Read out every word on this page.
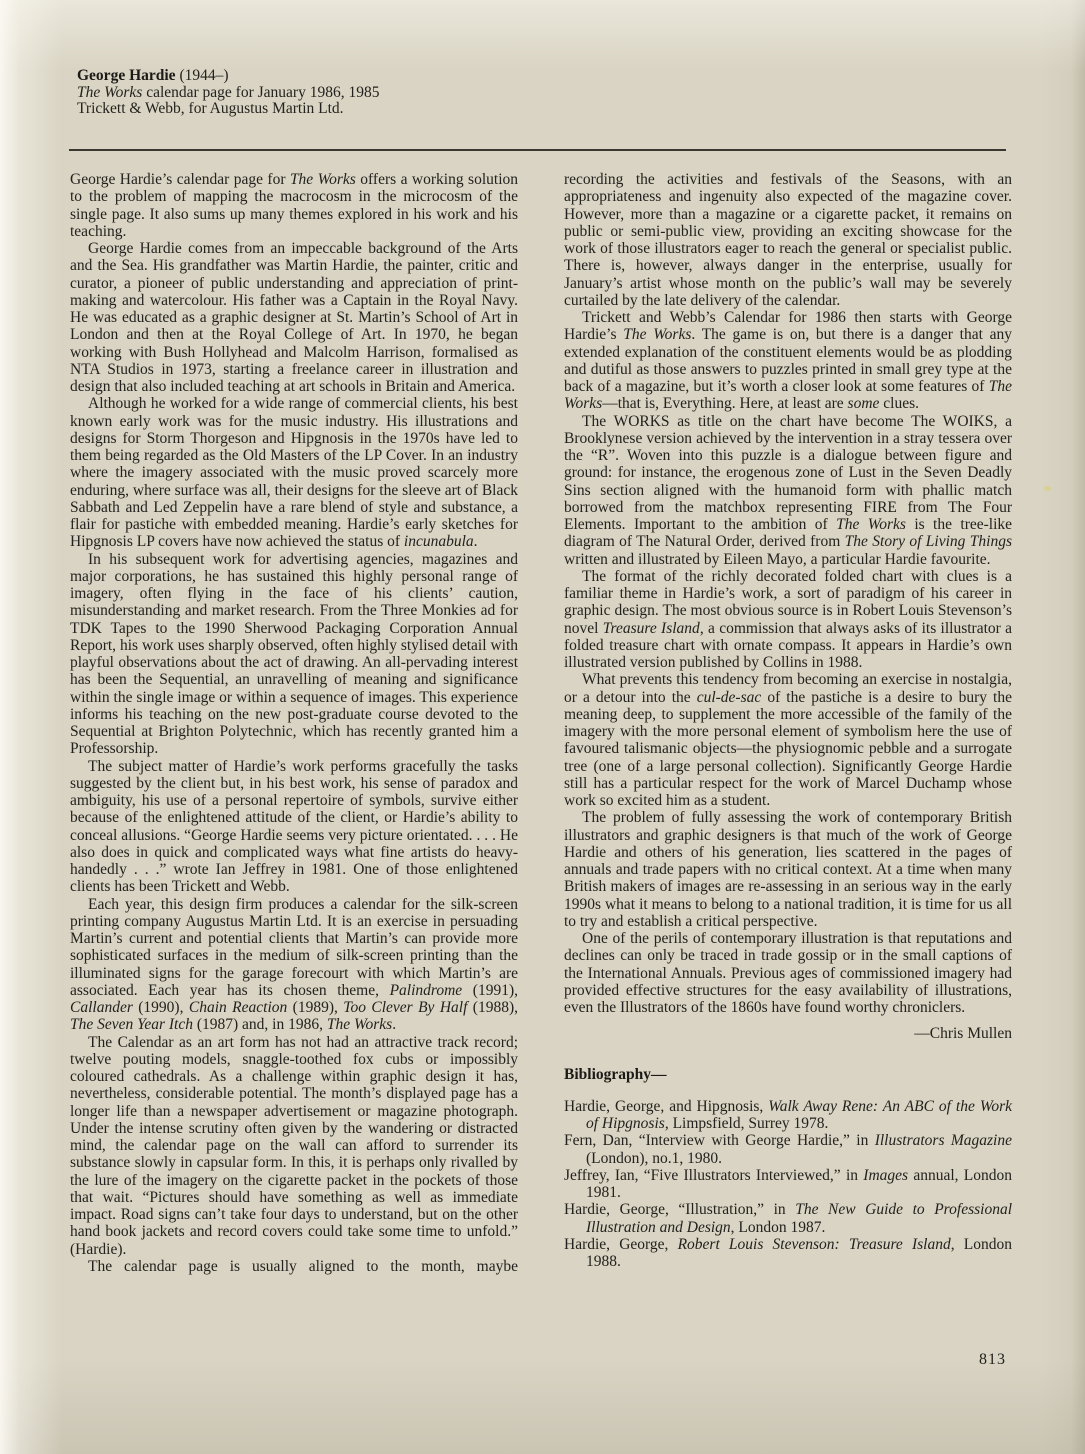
George Hardie (1944–)
The Works calendar page for January 1986, 1985
Trickett & Webb, for Augustus Martin Ltd.

George Hardie’s calendar page for The Works offers a working solution to the problem of mapping the macrocosm in the microcosm of the single page. It also sums up many themes explored in his work and his teaching.

George Hardie comes from an impeccable background of the Arts and the Sea. His grandfather was Martin Hardie, the painter, critic and curator, a pioneer of public understanding and appreciation of print-making and watercolour. His father was a Captain in the Royal Navy. He was educated as a graphic designer at St. Martin’s School of Art in London and then at the Royal College of Art. In 1970, he began working with Bush Hollyhead and Malcolm Harrison, formalised as NTA Studios in 1973, starting a freelance career in illustration and design that also included teaching at art schools in Britain and America.

Although he worked for a wide range of commercial clients, his best known early work was for the music industry. His illustrations and designs for Storm Thorgeson and Hipgnosis in the 1970s have led to them being regarded as the Old Masters of the LP Cover. In an industry where the imagery associated with the music proved scarcely more enduring, where surface was all, their designs for the sleeve art of Black Sabbath and Led Zeppelin have a rare blend of style and substance, a flair for pastiche with embedded meaning. Hardie’s early sketches for Hipgnosis LP covers have now achieved the status of incunabula.

In his subsequent work for advertising agencies, magazines and major corporations, he has sustained this highly personal range of imagery, often flying in the face of his clients’ caution, misunderstanding and market research. From the Three Monkies ad for TDK Tapes to the 1990 Sherwood Packaging Corporation Annual Report, his work uses sharply observed, often highly stylised detail with playful observations about the act of drawing. An all-pervading interest has been the Sequential, an unravelling of meaning and significance within the single image or within a sequence of images. This experience informs his teaching on the new post-graduate course devoted to the Sequential at Brighton Polytechnic, which has recently granted him a Professorship.

The subject matter of Hardie’s work performs gracefully the tasks suggested by the client but, in his best work, his sense of paradox and ambiguity, his use of a personal repertoire of symbols, survive either because of the enlightened attitude of the client, or Hardie’s ability to conceal allusions. “George Hardie seems very picture orientated. . . . He also does in quick and complicated ways what fine artists do heavy-handedly . . .” wrote Ian Jeffrey in 1981. One of those enlightened clients has been Trickett and Webb.

Each year, this design firm produces a calendar for the silk-screen printing company Augustus Martin Ltd. It is an exercise in persuading Martin’s current and potential clients that Martin’s can provide more sophisticated surfaces in the medium of silk-screen printing than the illuminated signs for the garage forecourt with which Martin’s are associated. Each year has its chosen theme, Palindrome (1991), Callander (1990), Chain Reaction (1989), Too Clever By Half (1988), The Seven Year Itch (1987) and, in 1986, The Works.

The Calendar as an art form has not had an attractive track record; twelve pouting models, snaggle-toothed fox cubs or impossibly coloured cathedrals. As a challenge within graphic design it has, nevertheless, considerable potential. The month’s displayed page has a longer life than a newspaper advertisement or magazine photograph. Under the intense scrutiny often given by the wandering or distracted mind, the calendar page on the wall can afford to surrender its substance slowly in capsular form. In this, it is perhaps only rivalled by the lure of the imagery on the cigarette packet in the pockets of those that wait. “Pictures should have something as well as immediate impact. Road signs can’t take four days to understand, but on the other hand book jackets and record covers could take some time to unfold.” (Hardie).

The calendar page is usually aligned to the month, maybe

recording the activities and festivals of the Seasons, with an appropriateness and ingenuity also expected of the magazine cover. However, more than a magazine or a cigarette packet, it remains on public or semi-public view, providing an exciting showcase for the work of those illustrators eager to reach the general or specialist public. There is, however, always danger in the enterprise, usually for January’s artist whose month on the public’s wall may be severely curtailed by the late delivery of the calendar.

Trickett and Webb’s Calendar for 1986 then starts with George Hardie’s The Works. The game is on, but there is a danger that any extended explanation of the constituent elements would be as plodding and dutiful as those answers to puzzles printed in small grey type at the back of a magazine, but it’s worth a closer look at some features of The Works—that is, Everything. Here, at least are some clues.

The WORKS as title on the chart have become The WOIKS, a Brooklynese version achieved by the intervention in a stray tessera over the “R”. Woven into this puzzle is a dialogue between figure and ground: for instance, the erogenous zone of Lust in the Seven Deadly Sins section aligned with the humanoid form with phallic match borrowed from the matchbox representing FIRE from The Four Elements. Important to the ambition of The Works is the tree-like diagram of The Natural Order, derived from The Story of Living Things written and illustrated by Eileen Mayo, a particular Hardie favourite.

The format of the richly decorated folded chart with clues is a familiar theme in Hardie’s work, a sort of paradigm of his career in graphic design. The most obvious source is in Robert Louis Stevenson’s novel Treasure Island, a commission that always asks of its illustrator a folded treasure chart with ornate compass. It appears in Hardie’s own illustrated version published by Collins in 1988.

What prevents this tendency from becoming an exercise in nostalgia, or a detour into the cul-de-sac of the pastiche is a desire to bury the meaning deep, to supplement the more accessible of the family of the imagery with the more personal element of symbolism here the use of favoured talismanic objects—the physiognomic pebble and a surrogate tree (one of a large personal collection). Significantly George Hardie still has a particular respect for the work of Marcel Duchamp whose work so excited him as a student.

The problem of fully assessing the work of contemporary British illustrators and graphic designers is that much of the work of George Hardie and others of his generation, lies scattered in the pages of annuals and trade papers with no critical context. At a time when many British makers of images are re-assessing in an serious way in the early 1990s what it means to belong to a national tradition, it is time for us all to try and establish a critical perspective.

One of the perils of contemporary illustration is that reputations and declines can only be traced in trade gossip or in the small captions of the International Annuals. Previous ages of commissioned imagery had provided effective structures for the easy availability of illustrations, even the Illustrators of the 1860s have found worthy chroniclers.

—Chris Mullen
Bibliography—

Hardie, George, and Hipgnosis, Walk Away Rene: An ABC of the Work of Hipgnosis, Limpsfield, Surrey 1978.

Fern, Dan, “Interview with George Hardie,” in Illustrators Magazine (London), no.1, 1980.

Jeffrey, Ian, “Five Illustrators Interviewed,” in Images annual, London 1981.

Hardie, George, “Illustration,” in The New Guide to Professional Illustration and Design, London 1987.

Hardie, George, Robert Louis Stevenson: Treasure Island, London 1988.

813
